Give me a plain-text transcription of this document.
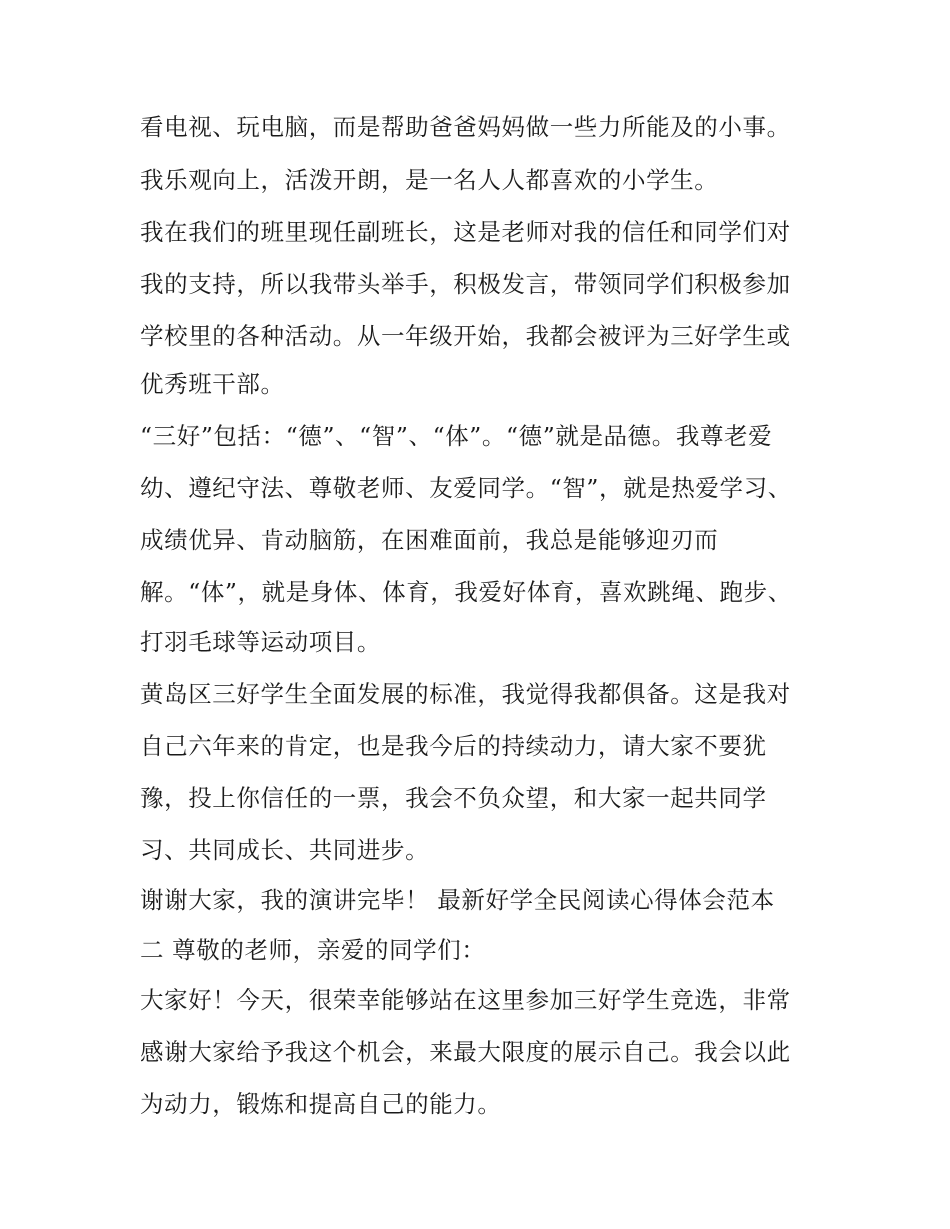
看电视、玩电脑，而是帮助爸爸妈妈做一些力所能及的小事。
我乐观向上，活泼开朗，是一名人人都喜欢的小学生。
我在我们的班里现任副班长，这是老师对我的信任和同学们对
我的支持，所以我带头举手，积极发言，带领同学们积极参加
学校里的各种活动。从一年级开始，我都会被评为三好学生或
优秀班干部。
“三好”包括：“德”、“智”、“体”。“德”就是品德。我尊老爱
幼、遵纪守法、尊敬老师、友爱同学。“智”，就是热爱学习、
成绩优异、肯动脑筋，在困难面前，我总是能够迎刃而
解。“体”，就是身体、体育，我爱好体育，喜欢跳绳、跑步、
打羽毛球等运动项目。
黄岛区三好学生全面发展的标准，我觉得我都俱备。这是我对
自己六年来的肯定，也是我今后的持续动力，请大家不要犹
豫，投上你信任的一票，我会不负众望，和大家一起共同学
习、共同成长、共同进步。
谢谢大家，我的演讲完毕！ 最新好学全民阅读心得体会范本
二 尊敬的老师，亲爱的同学们：
大家好！今天，很荣幸能够站在这里参加三好学生竞选，非常
感谢大家给予我这个机会，来最大限度的展示自己。我会以此
为动力，锻炼和提高自己的能力。
